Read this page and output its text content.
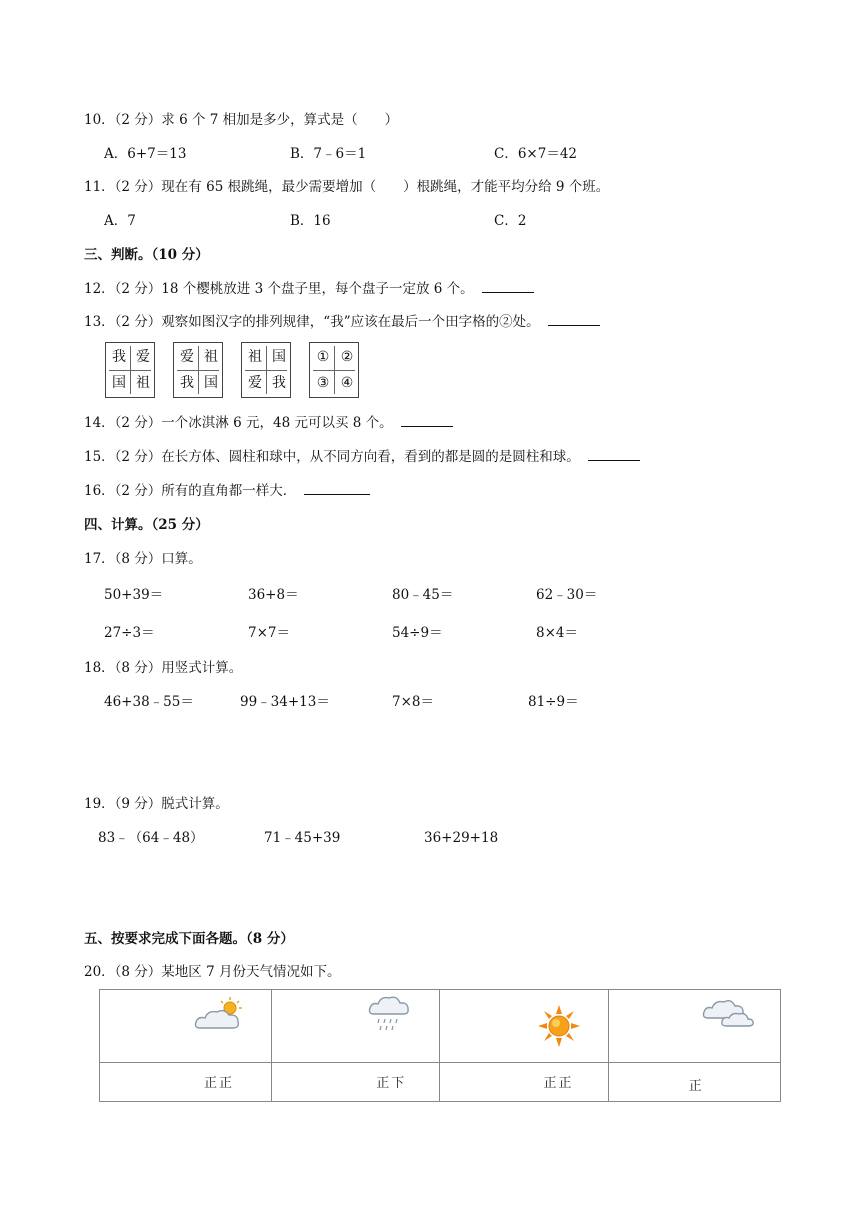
10．（2 分）求 6 个 7 相加是多少，算式是（　　）
A．6+7＝13	B．7﹣6＝1	C．6×7＝42
11．（2 分）现在有 65 根跳绳，最少需要增加（　　）根跳绳，才能平均分给 9 个班。
A．7	B．16	C．2
三、判断。（10 分）
12．（2 分）18 个樱桃放进 3 个盘子里，每个盘子一定放 6 个。
13．（2 分）观察如图汉字的排列规律，“我”应该在最后一个田字格的②处。
我 爱
国 祖
爱 祖
我 国
祖 国
爱 我
① ②
③ ④
14．（2 分）一个冰淇淋 6 元，48 元可以买 8 个。
15．（2 分）在长方体、圆柱和球中，从不同方向看，看到的都是圆的是圆柱和球。
16．（2 分）所有的直角都一样大．
四、计算。（25 分）
17．（8 分）口算。
50+39＝	36+8＝	80﹣45＝	62﹣30＝
27÷3＝	7×7＝	54÷9＝	8×4＝
18．（8 分）用竖式计算。
46+38﹣55＝	99﹣34+13＝	7×8＝	81÷9＝
19．（9 分）脱式计算。
83﹣（64﹣48）	71﹣45+39	36+29+18
五、按要求完成下面各题。（8 分）
20．（8 分）某地区 7 月份天气情况如下。

正正	正下	正正	正
